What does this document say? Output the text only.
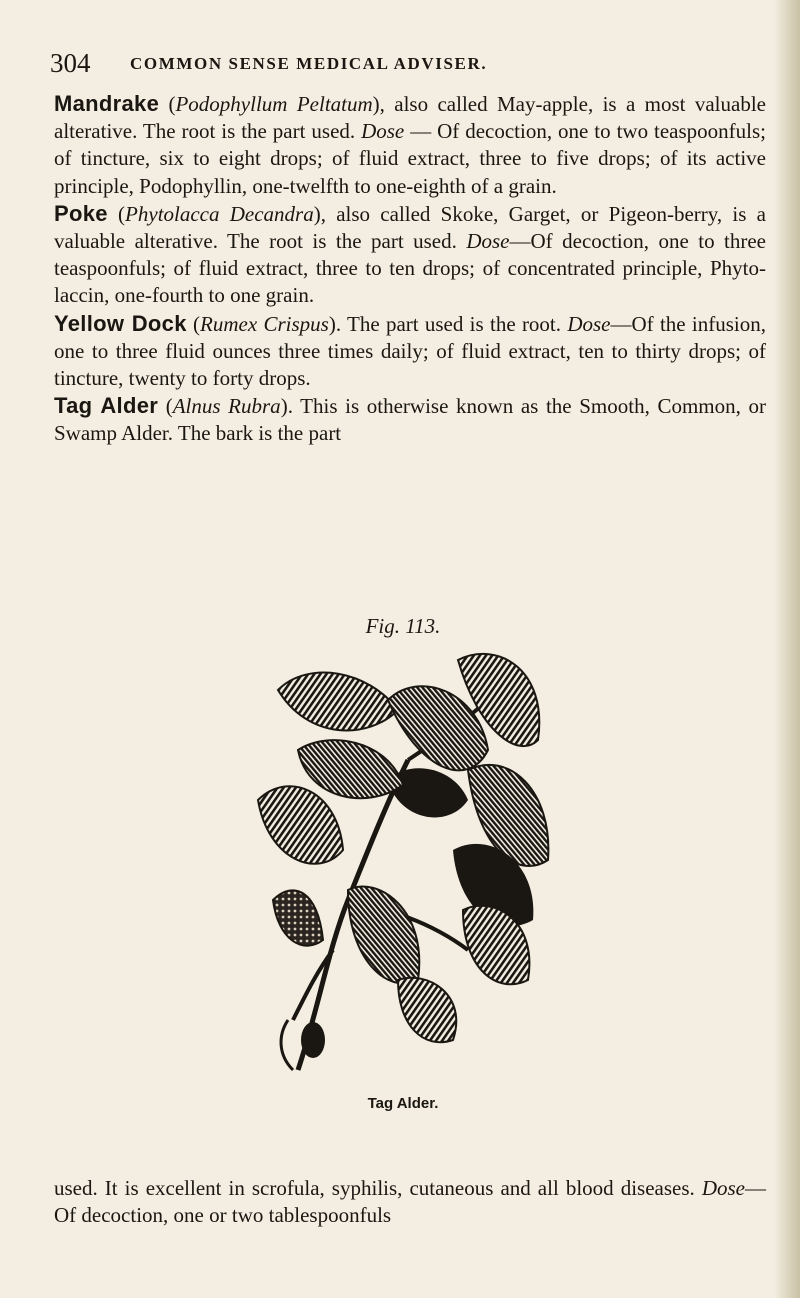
304 COMMON SENSE MEDICAL ADVISER.

Mandrake (Podophyllum Peltatum), also called May-apple, is a most valuable alterative. The root is the part used. Dose — Of decoction, one to two teaspoonfuls; of tincture, six to eight drops; of fluid extract, three to five drops; of its active principle, Podophyllin, one-twelfth to one-eighth of a grain.

Poke (Phytolacca Decandra), also called Skoke, Garget, or Pigeon-berry, is a valuable alterative. The root is the part used. Dose—Of decoction, one to three teaspoonfuls; of fluid extract, three to ten drops; of concentrated principle, Phyto-laccin, one-fourth to one grain.

Yellow Dock (Rumex Crispus). The part used is the root. Dose—Of the infusion, one to three fluid ounces three times daily; of fluid extract, ten to thirty drops; of tincture, twenty to forty drops.

Tag Alder (Alnus Rubra). This is otherwise known as the Smooth, Common, or Swamp Alder. The bark is the part

Fig. 113.
Tag Alder.

used. It is excellent in scrofula, syphilis, cutaneous and all blood diseases. Dose—Of decoction, one or two tablespoonfuls
